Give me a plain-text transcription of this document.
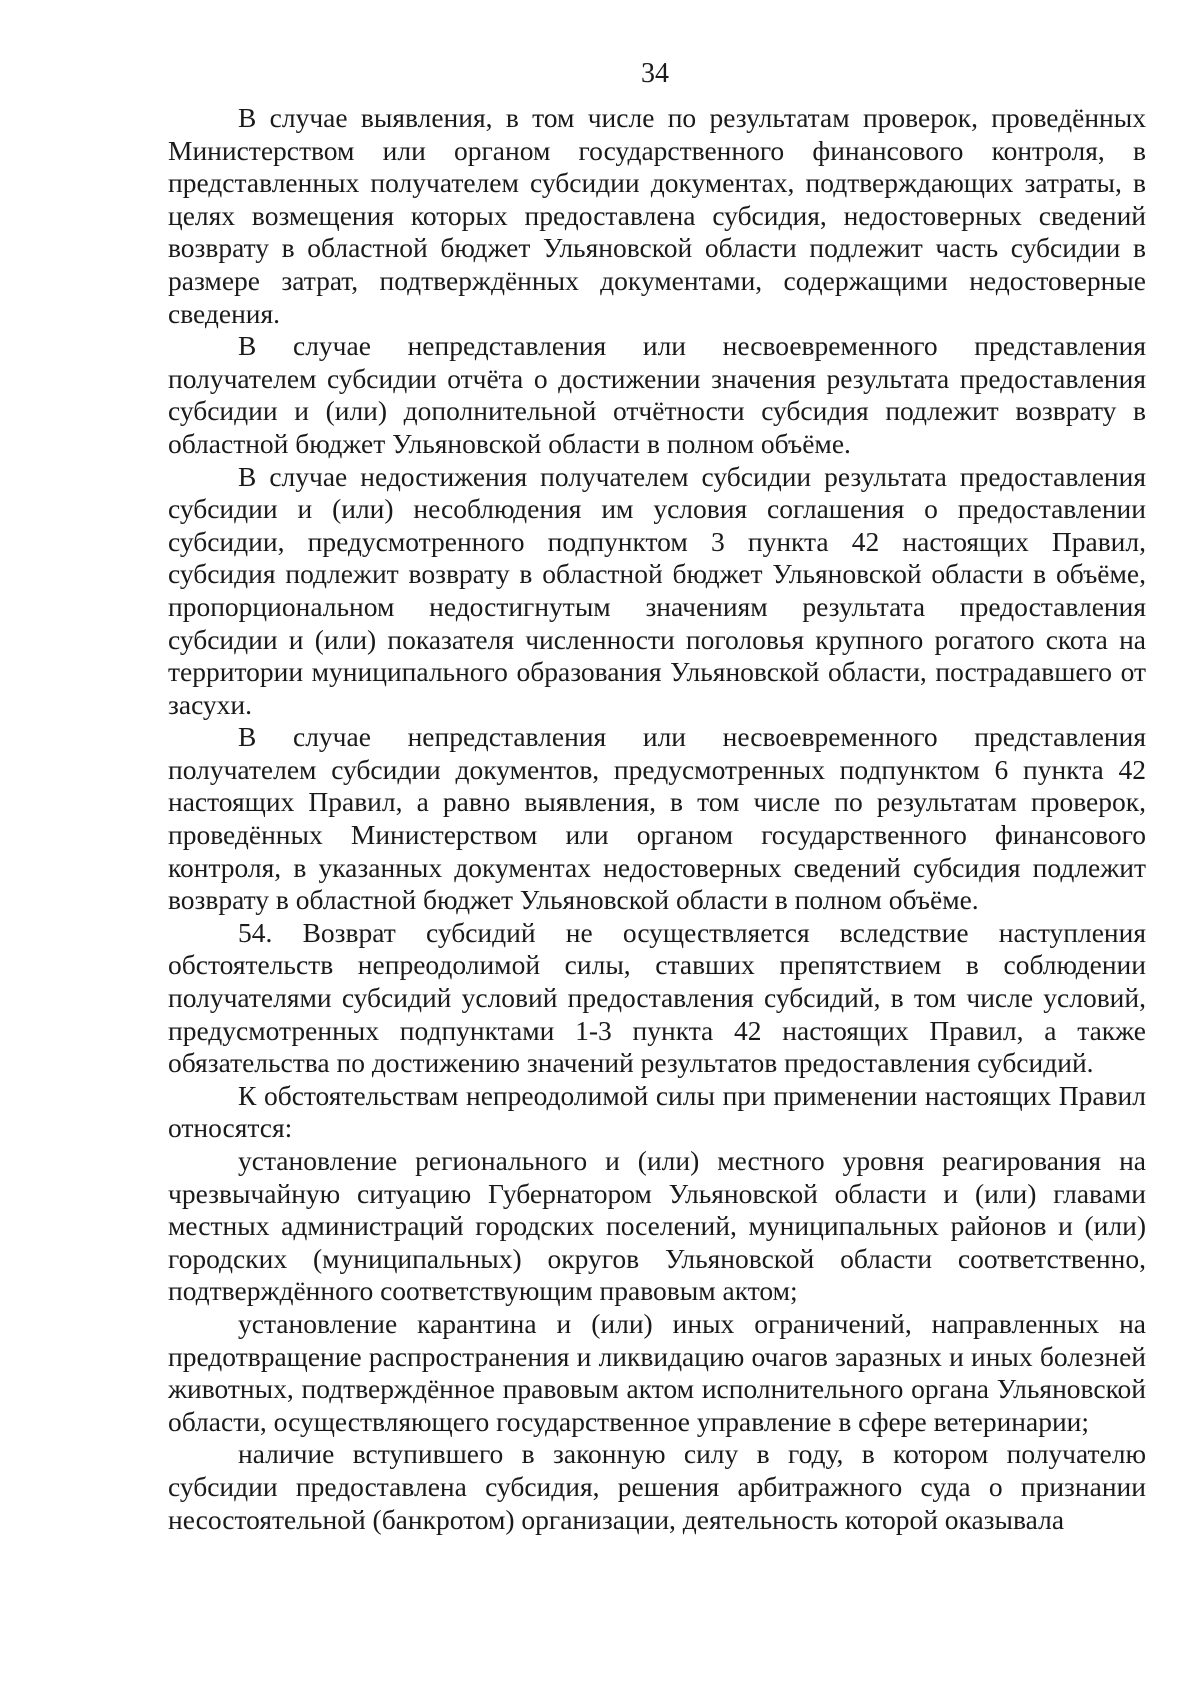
34

В случае выявления, в том числе по результатам проверок, проведённых Министерством или органом государственного финансового контроля, в представленных получателем субсидии документах, подтверждающих затраты, в целях возмещения которых предоставлена субсидия, недостоверных сведений возврату в областной бюджет Ульяновской области подлежит часть субсидии в размере затрат, подтверждённых документами, содержащими недостоверные сведения.

В случае непредставления или несвоевременного представления получателем субсидии отчёта о достижении значения результата предоставления субсидии и (или) дополнительной отчётности субсидия подлежит возврату в областной бюджет Ульяновской области в полном объёме.

В случае недостижения получателем субсидии результата предоставления субсидии и (или) несоблюдения им условия соглашения о предоставлении субсидии, предусмотренного подпунктом 3 пункта 42 настоящих Правил, субсидия подлежит возврату в областной бюджет Ульяновской области в объёме, пропорциональном недостигнутым значениям результата предоставления субсидии и (или) показателя численности поголовья крупного рогатого скота на территории муниципального образования Ульяновской области, пострадавшего от засухи.

В случае непредставления или несвоевременного представления получателем субсидии документов, предусмотренных подпунктом 6 пункта 42 настоящих Правил, а равно выявления, в том числе по результатам проверок, проведённых Министерством или органом государственного финансового контроля, в указанных документах недостоверных сведений субсидия подлежит возврату в областной бюджет Ульяновской области в полном объёме.

54. Возврат субсидий не осуществляется вследствие наступления обстоятельств непреодолимой силы, ставших препятствием в соблюдении получателями субсидий условий предоставления субсидий, в том числе условий, предусмотренных подпунктами 1-3 пункта 42 настоящих Правил, а также обязательства по достижению значений результатов предоставления субсидий.

К обстоятельствам непреодолимой силы при применении настоящих Правил относятся:

установление регионального и (или) местного уровня реагирования на чрезвычайную ситуацию Губернатором Ульяновской области и (или) главами местных администраций городских поселений, муниципальных районов и (или) городских (муниципальных) округов Ульяновской области соответственно, подтверждённого соответствующим правовым актом;

установление карантина и (или) иных ограничений, направленных на предотвращение распространения и ликвидацию очагов заразных и иных болезней животных, подтверждённое правовым актом исполнительного органа Ульяновской области, осуществляющего государственное управление в сфере ветеринарии;

наличие вступившего в законную силу в году, в котором получателю субсидии предоставлена субсидия, решения арбитражного суда о признании несостоятельной (банкротом) организации, деятельность которой оказывала
